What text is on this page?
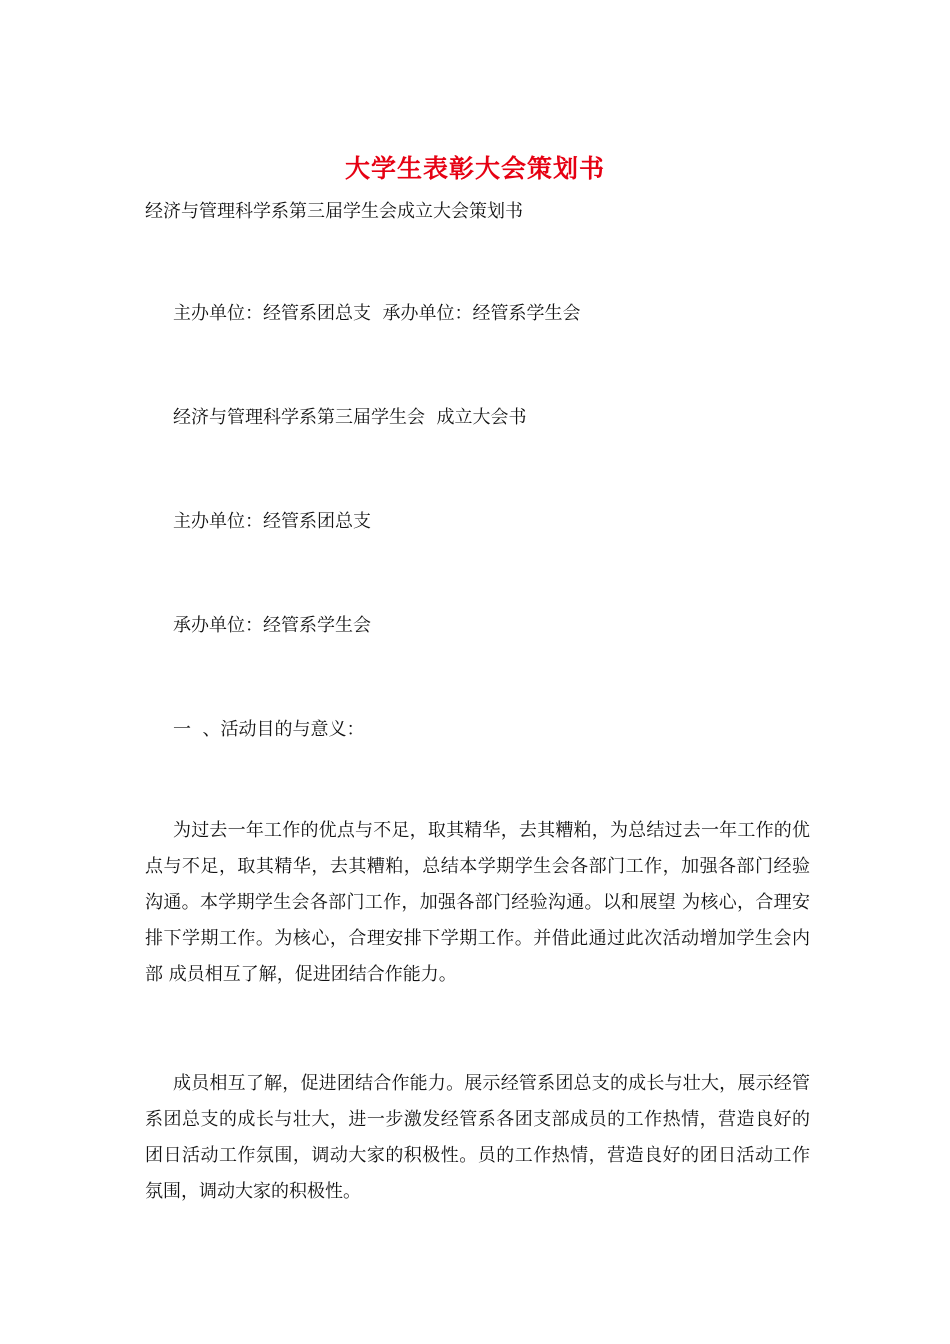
大学生表彰大会策划书
经济与管理科学系第三届学生会成立大会策划书
主办单位：经管系团总支  承办单位：经管系学生会
经济与管理科学系第三届学生会  成立大会书
主办单位：经管系团总支
承办单位：经管系学生会
一  、活动目的与意义：
为过去一年工作的优点与不足，取其精华，去其糟粕，为总结过去一年工作的优点与不足，取其精华，去其糟粕，总结本学期学生会各部门工作，加强各部门经验沟通。本学期学生会各部门工作，加强各部门经验沟通。以和展望 为核心，合理安排下学期工作。为核心，合理安排下学期工作。并借此通过此次活动增加学生会内部 成员相互了解，促进团结合作能力。
成员相互了解，促进团结合作能力。展示经管系团总支的成长与壮大，展示经管系团总支的成长与壮大，进一步激发经管系各团支部成员的工作热情，营造良好的团日活动工作氛围，调动大家的积极性。员的工作热情，营造良好的团日活动工作氛围，调动大家的积极性。
